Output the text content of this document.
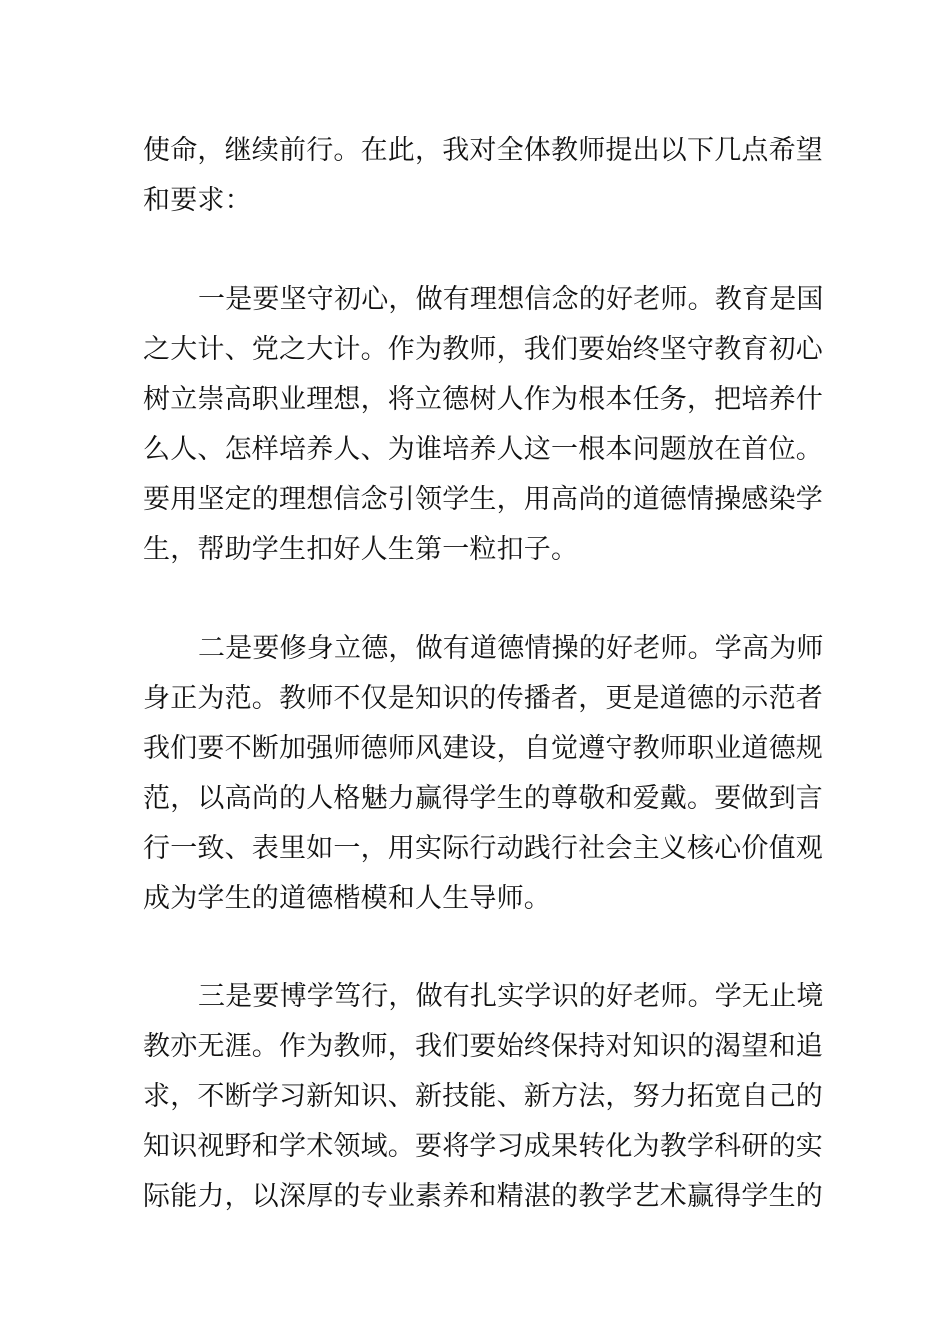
使命，继续前行。在此，我对全体教师提出以下几点希望
和要求：
一是要坚守初心，做有理想信念的好老师。教育是国
之大计、党之大计。作为教师，我们要始终坚守教育初心
树立崇高职业理想，将立德树人作为根本任务，把培养什
么人、怎样培养人、为谁培养人这一根本问题放在首位。
要用坚定的理想信念引领学生，用高尚的道德情操感染学
生，帮助学生扣好人生第一粒扣子。
二是要修身立德，做有道德情操的好老师。学高为师
身正为范。教师不仅是知识的传播者，更是道德的示范者
我们要不断加强师德师风建设，自觉遵守教师职业道德规
范，以高尚的人格魅力赢得学生的尊敬和爱戴。要做到言
行一致、表里如一，用实际行动践行社会主义核心价值观
成为学生的道德楷模和人生导师。
三是要博学笃行，做有扎实学识的好老师。学无止境
教亦无涯。作为教师，我们要始终保持对知识的渴望和追
求，不断学习新知识、新技能、新方法，努力拓宽自己的
知识视野和学术领域。要将学习成果转化为教学科研的实
际能力，以深厚的专业素养和精湛的教学艺术赢得学生的
